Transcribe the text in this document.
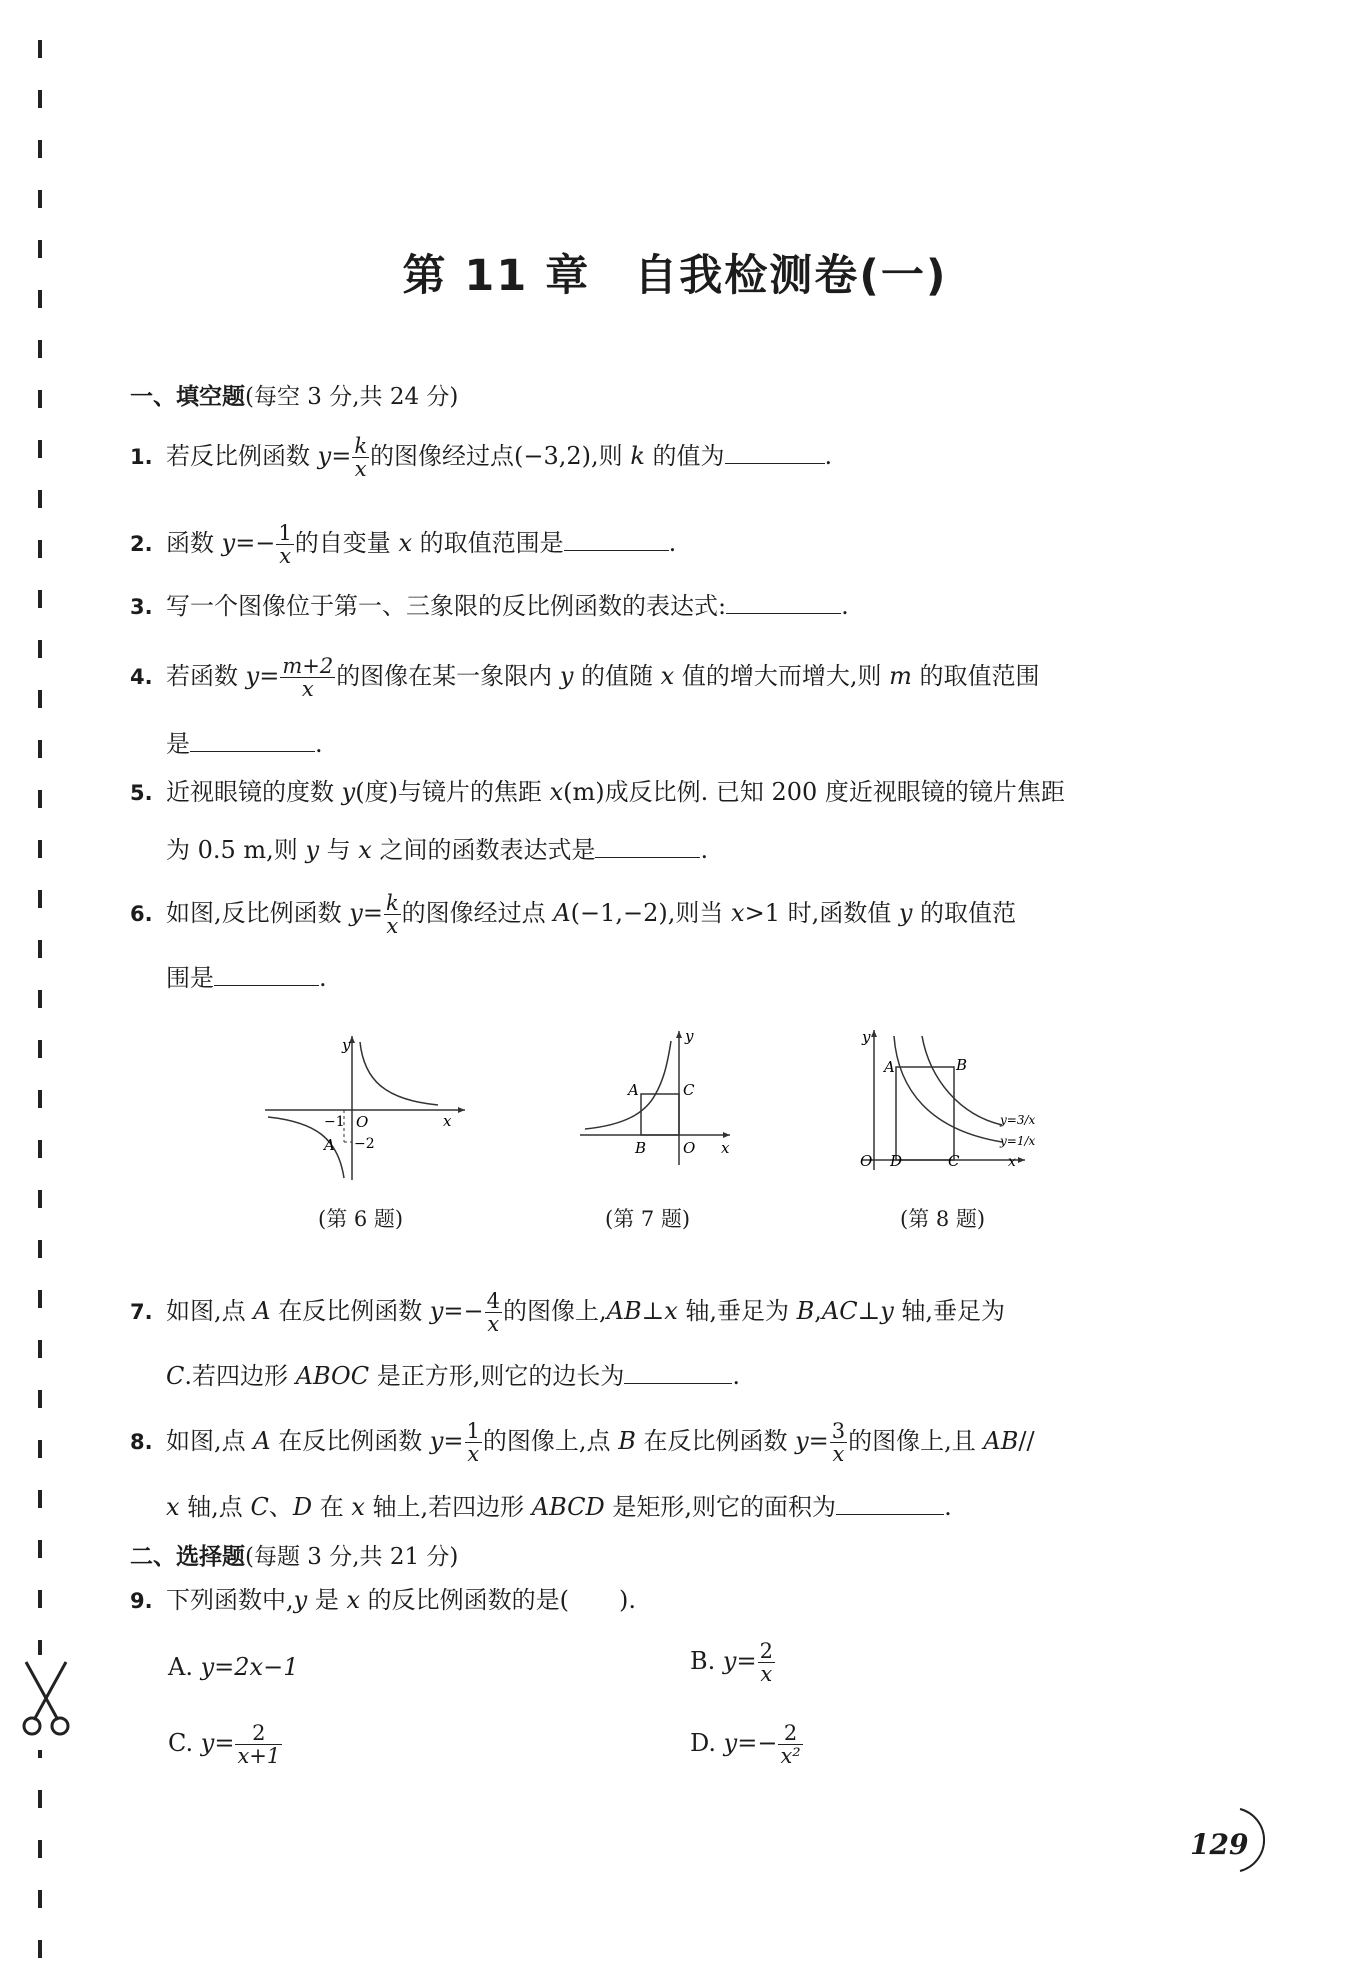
第 11 章 自我检测卷(一)
一、填空题(每空 3 分,共 24 分)
1. 若反比例函数 $y= \frac{k}{x}$ 的图像经过点(−3,2),则 k 的值为	.
2. 函数 $y=- \frac{1}{x}$ 的自变量 x 的取值范围是	.
3. 写一个图像位于第一、三象限的反比例函数的表达式:	.
4. 若函数 $y= \frac{m+2}{x}$ 的图像在某一象限内 y 的值随 x 值的增大而增大,则 m 的取值范围
是	.
5. 近视眼镜的度数 y(度)与镜片的焦距 x(m)成反比例. 已知 200 度近视眼镜的镜片焦距
为 0.5 m,则 y 与 x 之间的函数表达式是	.
6. 如图,反比例函数 $y= \frac{k}{x}$ 的图像经过点 A(−1,−2),则当 x>1 时,函数值 y 的取值范
围是	.
y
x
O
−1
−2
A
(第 6 题)
y
x
O
A
B
C
(第 7 题)
y
x
O
A	B
D	C
y=3/x
y=1/x
(第 8 题)
7. 如图,点 A 在反比例函数 $y=- \frac{4}{x}$ 的图像上,AB⊥x 轴,垂足为 B,AC⊥y 轴,垂足为
C.若四边形 ABOC 是正方形,则它的边长为	.
8. 如图,点 A 在反比例函数 $y= \frac{1}{x}$ 的图像上,点 B 在反比例函数 $y= \frac{3}{x}$ 的图像上,且 AB//
x 轴,点 C、D 在 x 轴上,若四边形 ABCD 是矩形,则它的面积为	.
二、选择题(每题 3 分,共 21 分)
9. 下列函数中,y 是 x 的反比例函数的是( ).
A. y=2x−1	B. $y= \frac{2}{x}$
C. $y= \frac{2}{x+1}$	D. $y=- \frac{2}{\text{x²}}$
129
